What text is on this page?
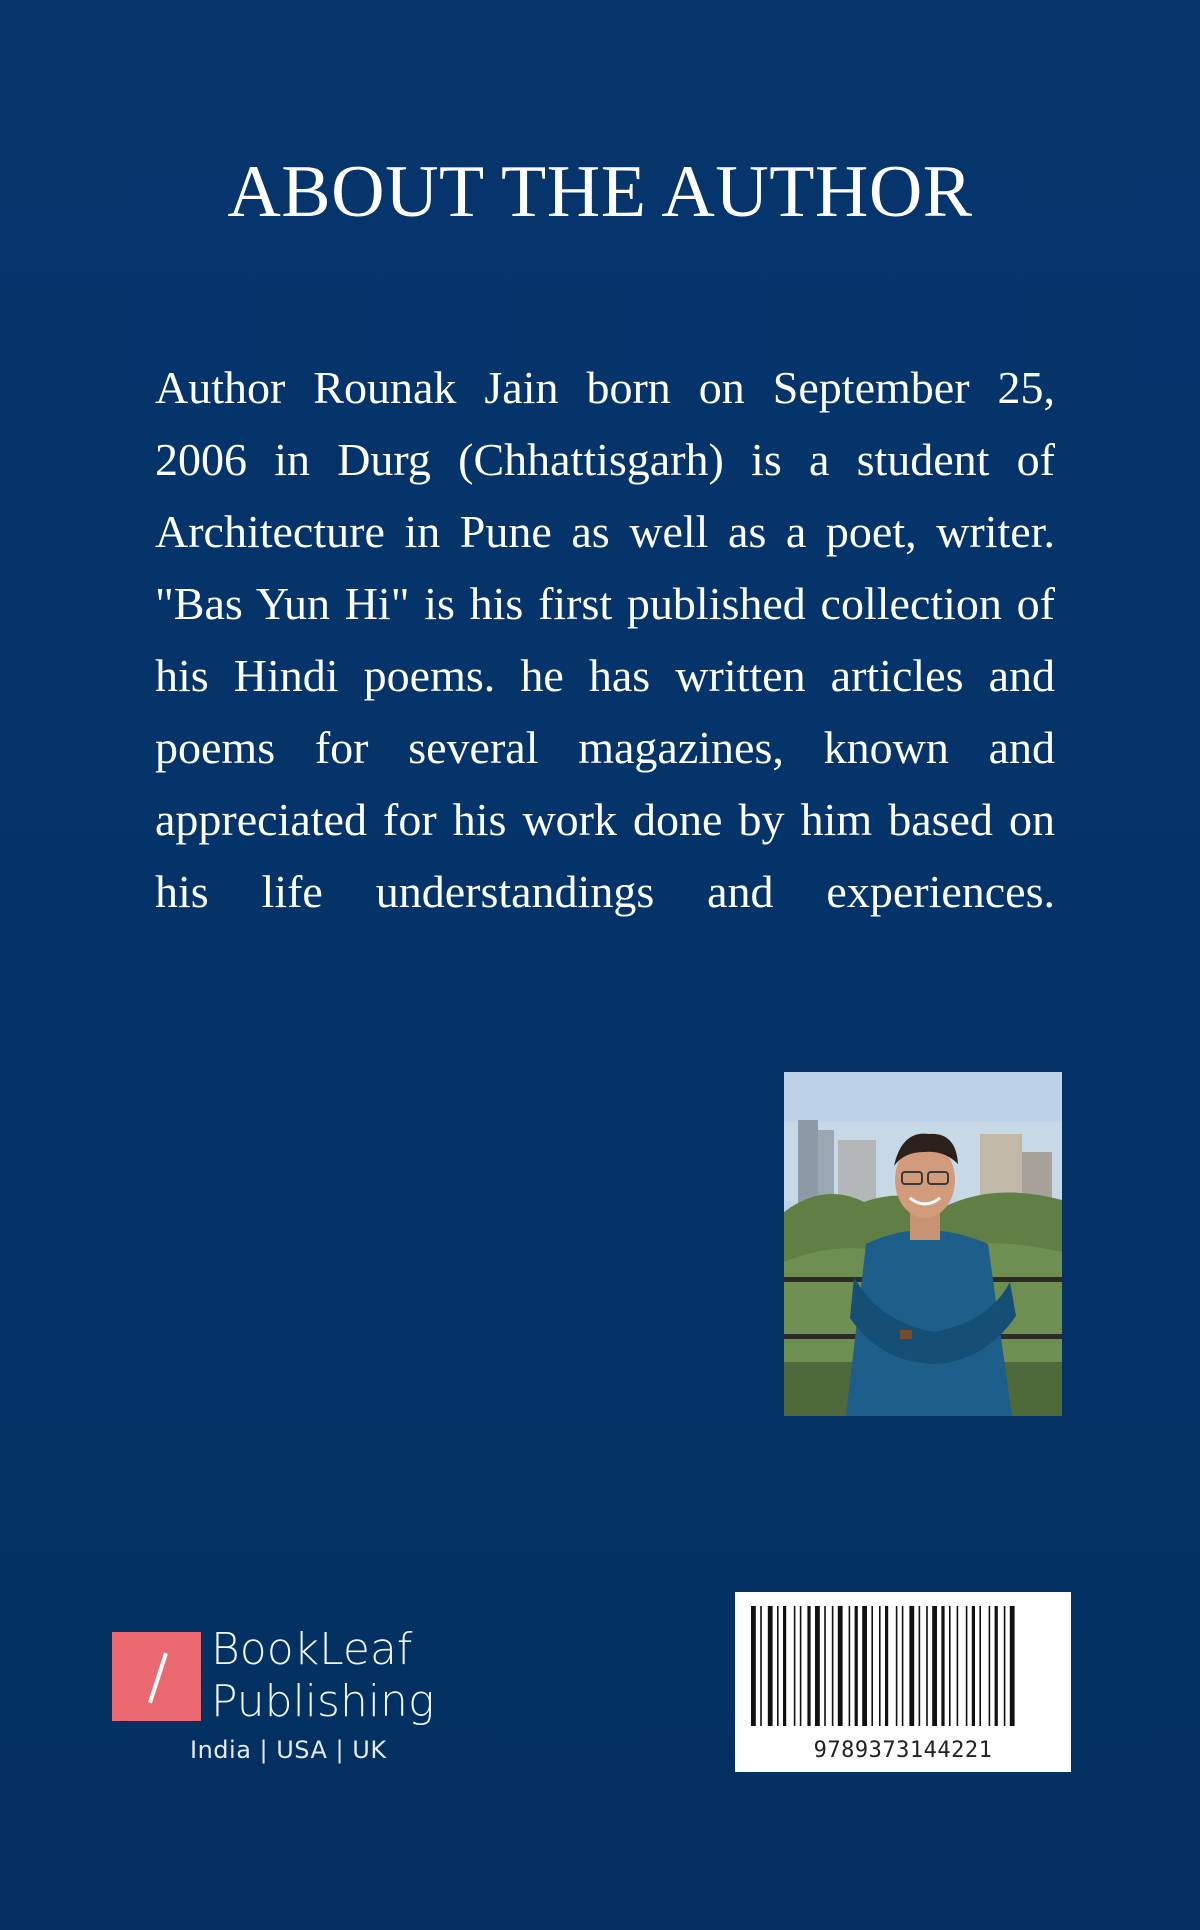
ABOUT THE AUTHOR
Author Rounak Jain born on September 25, 2006 in Durg (Chhattisgarh) is a student of Architecture in Pune as well as a poet, writer. "Bas Yun Hi" is his first published collection of his Hindi poems. he has written articles and poems for several magazines, known and appreciated for his work done by him based on his life understandings and experiences.
BookLeaf
Publishing
India | USA | UK	9789373144221
